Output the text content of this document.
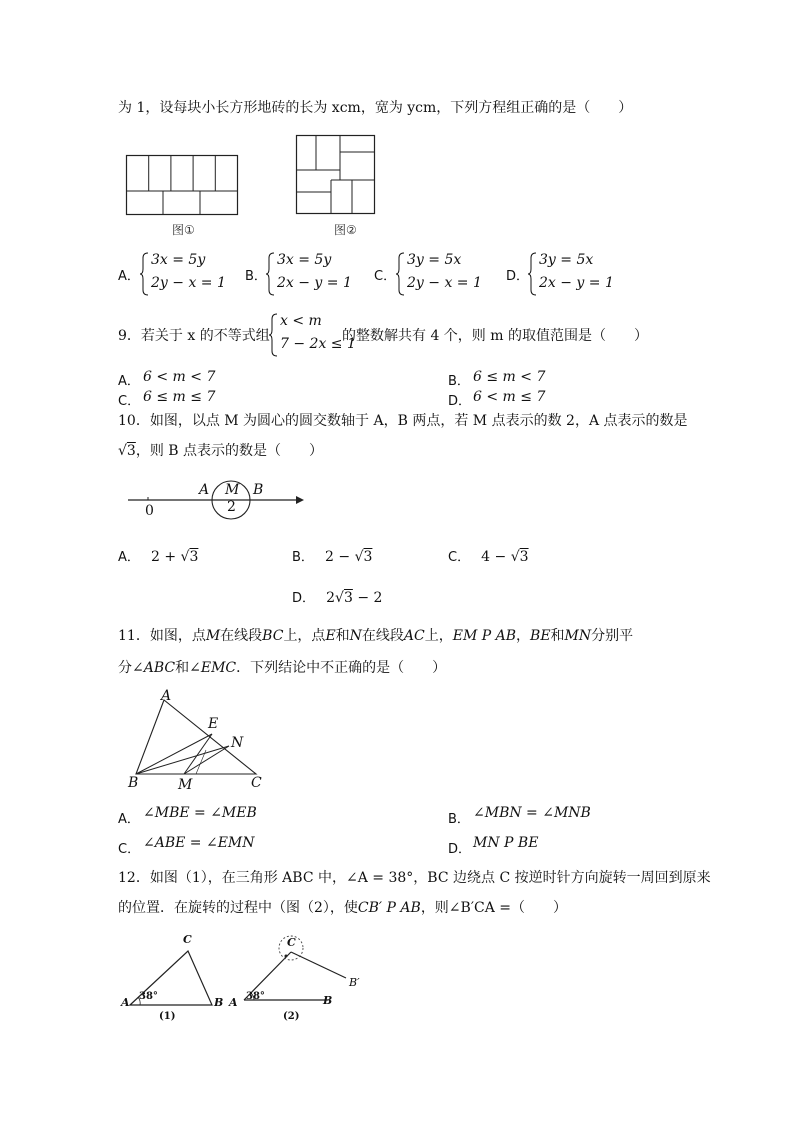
为 1，设每块小长方形地砖的长为 xcm，宽为 ycm，下列方程组正确的是（　　）
图①	图②
A．
3x = 5y
2y − x = 1 B．
3x = 5y
2x − y = 1 C．
3y = 5x
2y − x = 1 D．
3y = 5x
2x − y = 1
9．若关于 x 的不等式组
x < m
7 − 2x ≤ 1
的整数解共有 4 个，则 m 的取值范围是（　　）
A． 6 < m < 7	B． 6 ≤ m < 7
C． 6 ≤ m ≤ 7	D． 6 < m ≤ 7
10．如图，以点 M 为圆心的圆交数轴于 A，B 两点，若 M 点表示的数 2，A 点表示的数是
√3，则 B 点表示的数是（　　）
0
A M B
2
A． 2 + √3	B． 2 − √3	C． 4 − √3
D． 2√3 − 2
11．如图，点M在线段BC上，点E和N在线段AC上，EM P AB，BE和MN分别平
分∠ABC和∠EMC．下列结论中不正确的是（　　）
A
E
N
B	M	C
A． ∠MBE = ∠MEB	B． ∠MBN = ∠MNB
C． ∠ABE = ∠EMN	D． MN P BE
12．如图（1），在三角形 ABC 中，∠A = 38°，BC 边绕点 C 按逆时针方向旋转一周回到原来
的位置．在旋转的过程中（图（2），使CB′ P AB，则∠B′CA =（　　）
C
A	B
38°
(1)
C
A	B
B′
38°
(2)
